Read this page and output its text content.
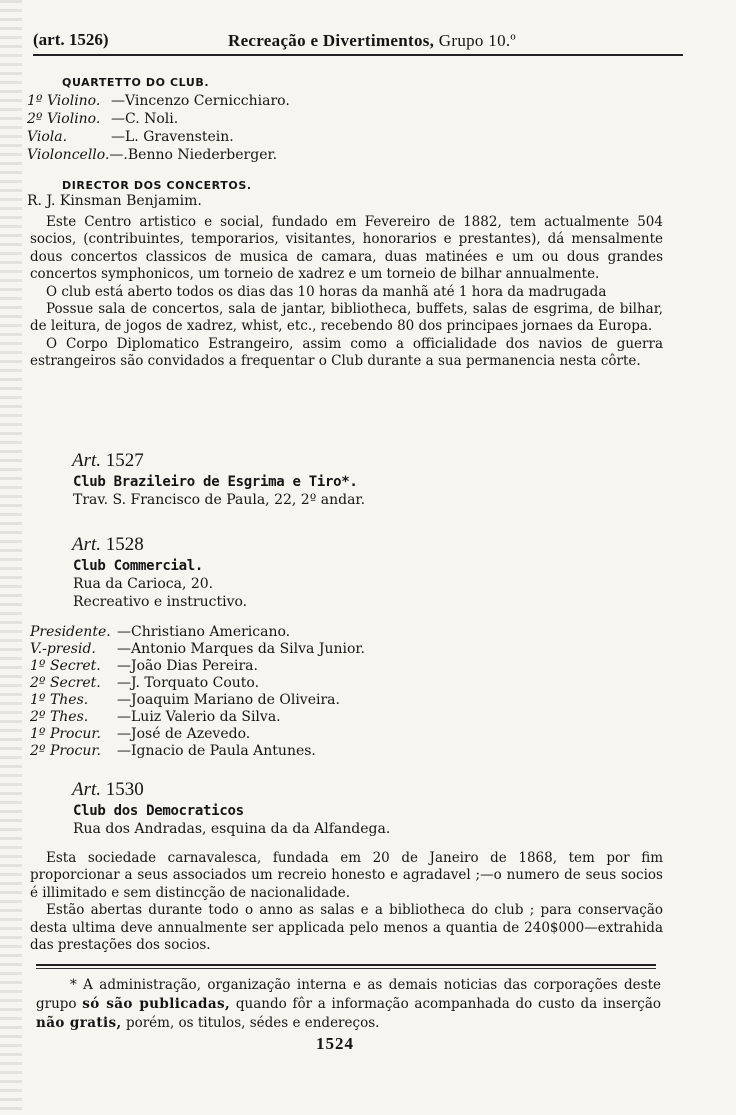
(art. 1526)	Recreação e Divertimentos, Grupo 10.º
QUARTETTO DO CLUB.
1º Violino. —Vincenzo Cernicchiaro.
2º Violino. —C. Noli.
Viola.	—L. Gravenstein.
Violoncello.—.Benno Niederberger.
DIRECTOR DOS CONCERTOS.
R. J. Kinsman Benjamim.

Este Centro artistico e social, fundado em Fevereiro de 1882, tem actualmente 504 socios, (contribuintes, temporarios, visitantes, honorarios e prestantes), dá mensalmente dous concertos classicos de musica de camara, duas matinées e um ou dous grandes concertos symphonicos, um torneio de xadrez e um torneio de bilhar annualmente.

O club está aberto todos os dias das 10 horas da manhã até 1 hora da madrugada

Possue sala de concertos, sala de jantar, bibliotheca, buffets, salas de esgrima, de bilhar, de leitura, de jogos de xadrez, whist, etc., recebendo 80 dos principaes jornaes da Europa.

O Corpo Diplomatico Estrangeiro, assim como a officialidade dos navios de guerra estrangeiros são convidados a frequentar o Club durante a sua permanencia nesta côrte.

Art. 1527
Club Brazileiro de Esgrima e Tiro*.
Trav. S. Francisco de Paula, 22, 2º andar.
Art. 1528
Club Commercial.
Rua da Carioca, 20.
Recreativo e instructivo.
Presidente. —Christiano Americano.
V.-presid. —Antonio Marques da Silva Junior.
1º Secret. —João Dias Pereira.
2º Secret. —J. Torquato Couto.
1º Thes. —Joaquim Mariano de Oliveira.
2º Thes. —Luiz Valerio da Silva.
1º Procur. —José de Azevedo.
2º Procur. —Ignacio de Paula Antunes.
Art. 1530
Club dos Democraticos
Rua dos Andradas, esquina da da Alfandega.

Esta sociedade carnavalesca, fundada em 20 de Janeiro de 1868, tem por fim proporcionar a seus associados um recreio honesto e agradavel ;—o numero de seus socios é illimitado e sem distincção de nacionalidade.

Estão abertas durante todo o anno as salas e a bibliotheca do club ; para conservação desta ultima deve annualmente ser applicada pelo menos a quantia de 240$000—extrahida das prestações dos socios.

* A administração, organização interna e as demais noticias das corporações deste grupo só são publicadas, quando fôr a informação acompanhada do custo da inserção não gratis, porém, os titulos, sédes e endereços.
1524
